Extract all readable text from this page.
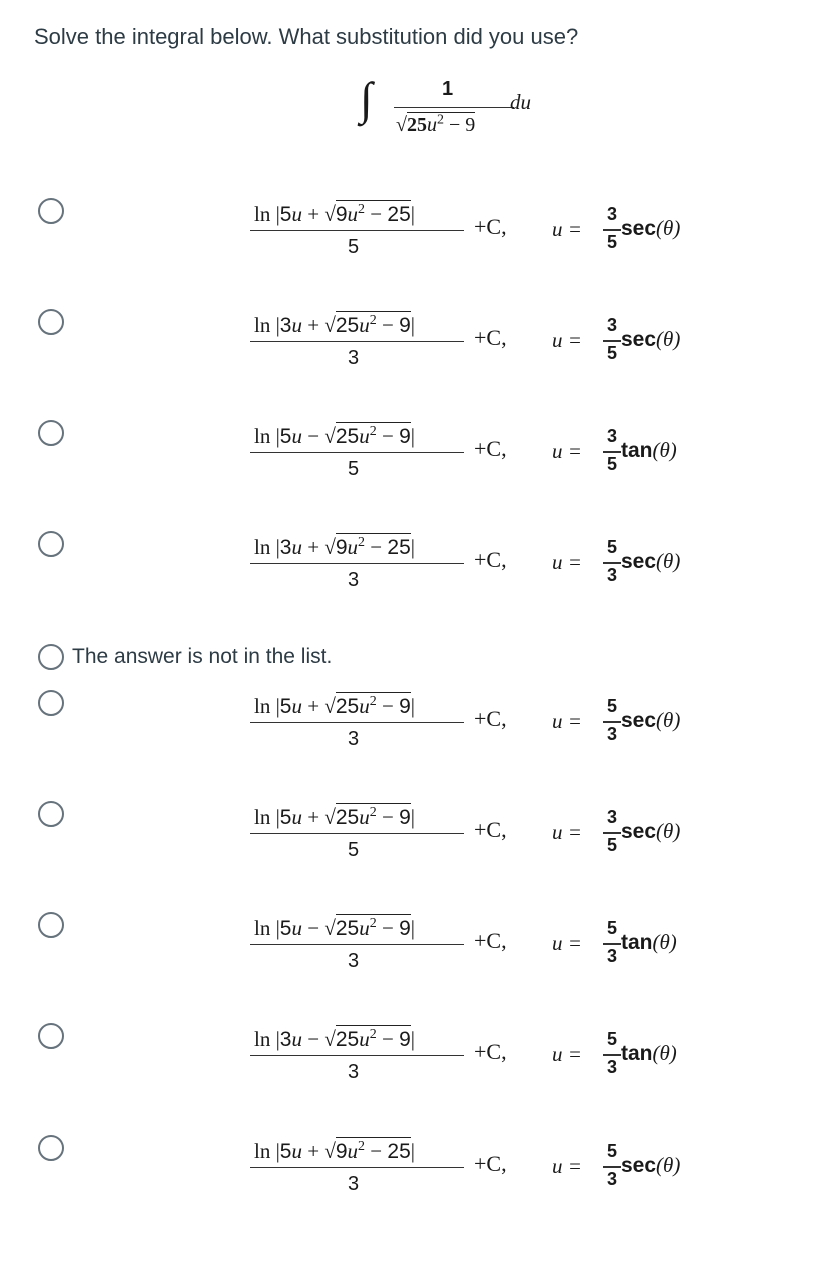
Solve the integral below. What substitution did you use?
∫	1
$√25u^2 - 9$
du
$\ln |5u + √9u^2 - 25|$
5
+C, u =
3
5
sec(θ)
$\ln |3u + √25u^2 - 9|$
3
+C, u =
3
5
sec(θ)
$\ln |5u - √25u^2 - 9|$
5
+C, u =
3
5
tan(θ)
$\ln |3u + √9u^2 - 25|$
3
+C, u =
5
3
sec(θ)
$\ln |5u + √25u^2 - 9|$
3
+C, u =
5
3
sec(θ)
$\ln |5u + √25u^2 - 9|$
5
+C, u =
3
5
sec(θ)
$\ln |5u - √25u^2 - 9|$
3
+C, u =
5
3
tan(θ)
$\ln |3u - √25u^2 - 9|$
3
+C, u =
5
3
tan(θ)
$\ln |5u + √9u^2 - 25|$
3
+C, u =
5
3
sec(θ)
The answer is not in the list.
